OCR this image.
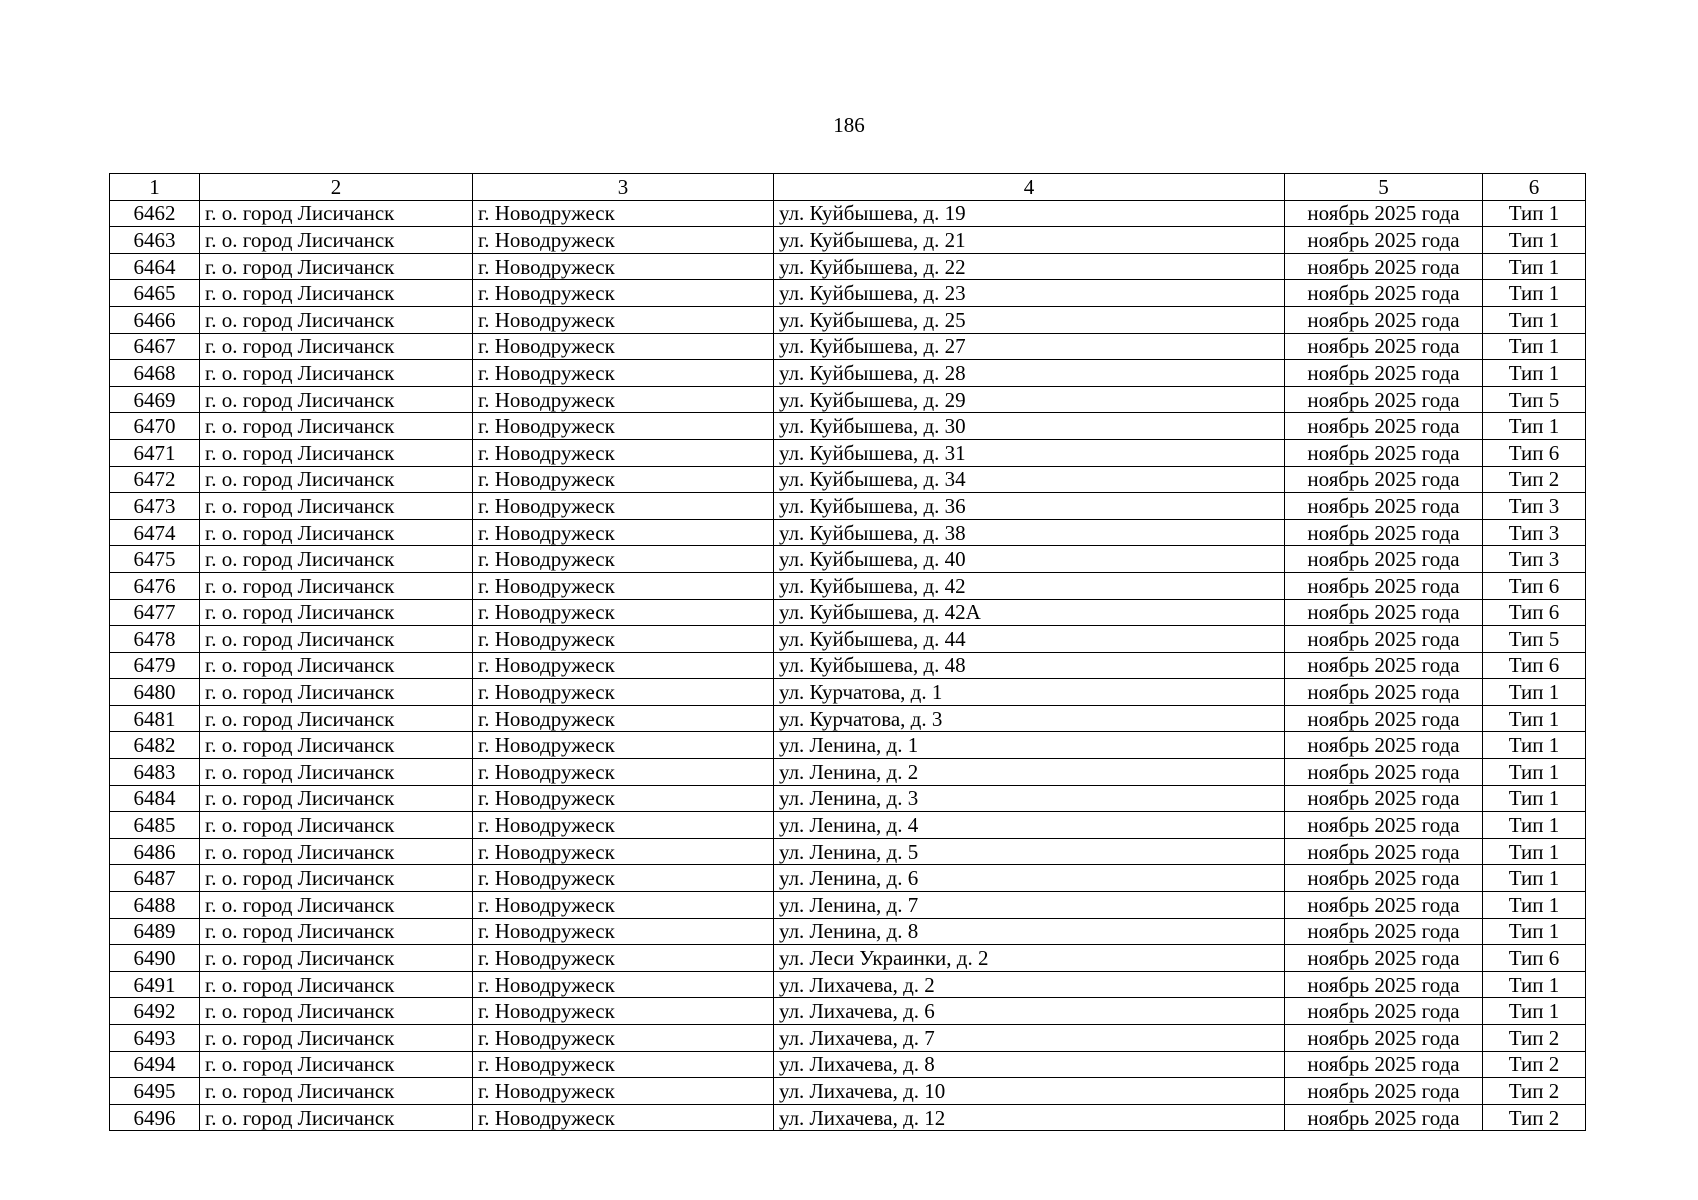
186
1	2	3	4	5	6
6462	г. о. город Лисичанск	г. Новодружеск	ул. Куйбышева, д. 19	ноябрь 2025 года	Тип 1
6463	г. о. город Лисичанск	г. Новодружеск	ул. Куйбышева, д. 21	ноябрь 2025 года	Тип 1
6464	г. о. город Лисичанск	г. Новодружеск	ул. Куйбышева, д. 22	ноябрь 2025 года	Тип 1
6465	г. о. город Лисичанск	г. Новодружеск	ул. Куйбышева, д. 23	ноябрь 2025 года	Тип 1
6466	г. о. город Лисичанск	г. Новодружеск	ул. Куйбышева, д. 25	ноябрь 2025 года	Тип 1
6467	г. о. город Лисичанск	г. Новодружеск	ул. Куйбышева, д. 27	ноябрь 2025 года	Тип 1
6468	г. о. город Лисичанск	г. Новодружеск	ул. Куйбышева, д. 28	ноябрь 2025 года	Тип 1
6469	г. о. город Лисичанск	г. Новодружеск	ул. Куйбышева, д. 29	ноябрь 2025 года	Тип 5
6470	г. о. город Лисичанск	г. Новодружеск	ул. Куйбышева, д. 30	ноябрь 2025 года	Тип 1
6471	г. о. город Лисичанск	г. Новодружеск	ул. Куйбышева, д. 31	ноябрь 2025 года	Тип 6
6472	г. о. город Лисичанск	г. Новодружеск	ул. Куйбышева, д. 34	ноябрь 2025 года	Тип 2
6473	г. о. город Лисичанск	г. Новодружеск	ул. Куйбышева, д. 36	ноябрь 2025 года	Тип 3
6474	г. о. город Лисичанск	г. Новодружеск	ул. Куйбышева, д. 38	ноябрь 2025 года	Тип 3
6475	г. о. город Лисичанск	г. Новодружеск	ул. Куйбышева, д. 40	ноябрь 2025 года	Тип 3
6476	г. о. город Лисичанск	г. Новодружеск	ул. Куйбышева, д. 42	ноябрь 2025 года	Тип 6
6477	г. о. город Лисичанск	г. Новодружеск	ул. Куйбышева, д. 42А	ноябрь 2025 года	Тип 6
6478	г. о. город Лисичанск	г. Новодружеск	ул. Куйбышева, д. 44	ноябрь 2025 года	Тип 5
6479	г. о. город Лисичанск	г. Новодружеск	ул. Куйбышева, д. 48	ноябрь 2025 года	Тип 6
6480	г. о. город Лисичанск	г. Новодружеск	ул. Курчатова, д. 1	ноябрь 2025 года	Тип 1
6481	г. о. город Лисичанск	г. Новодружеск	ул. Курчатова, д. 3	ноябрь 2025 года	Тип 1
6482	г. о. город Лисичанск	г. Новодружеск	ул. Ленина, д. 1	ноябрь 2025 года	Тип 1
6483	г. о. город Лисичанск	г. Новодружеск	ул. Ленина, д. 2	ноябрь 2025 года	Тип 1
6484	г. о. город Лисичанск	г. Новодружеск	ул. Ленина, д. 3	ноябрь 2025 года	Тип 1
6485	г. о. город Лисичанск	г. Новодружеск	ул. Ленина, д. 4	ноябрь 2025 года	Тип 1
6486	г. о. город Лисичанск	г. Новодружеск	ул. Ленина, д. 5	ноябрь 2025 года	Тип 1
6487	г. о. город Лисичанск	г. Новодружеск	ул. Ленина, д. 6	ноябрь 2025 года	Тип 1
6488	г. о. город Лисичанск	г. Новодружеск	ул. Ленина, д. 7	ноябрь 2025 года	Тип 1
6489	г. о. город Лисичанск	г. Новодружеск	ул. Ленина, д. 8	ноябрь 2025 года	Тип 1
6490	г. о. город Лисичанск	г. Новодружеск	ул. Леси Украинки, д. 2	ноябрь 2025 года	Тип 6
6491	г. о. город Лисичанск	г. Новодружеск	ул. Лихачева, д. 2	ноябрь 2025 года	Тип 1
6492	г. о. город Лисичанск	г. Новодружеск	ул. Лихачева, д. 6	ноябрь 2025 года	Тип 1
6493	г. о. город Лисичанск	г. Новодружеск	ул. Лихачева, д. 7	ноябрь 2025 года	Тип 2
6494	г. о. город Лисичанск	г. Новодружеск	ул. Лихачева, д. 8	ноябрь 2025 года	Тип 2
6495	г. о. город Лисичанск	г. Новодружеск	ул. Лихачева, д. 10	ноябрь 2025 года	Тип 2
6496	г. о. город Лисичанск	г. Новодружеск	ул. Лихачева, д. 12	ноябрь 2025 года	Тип 2
